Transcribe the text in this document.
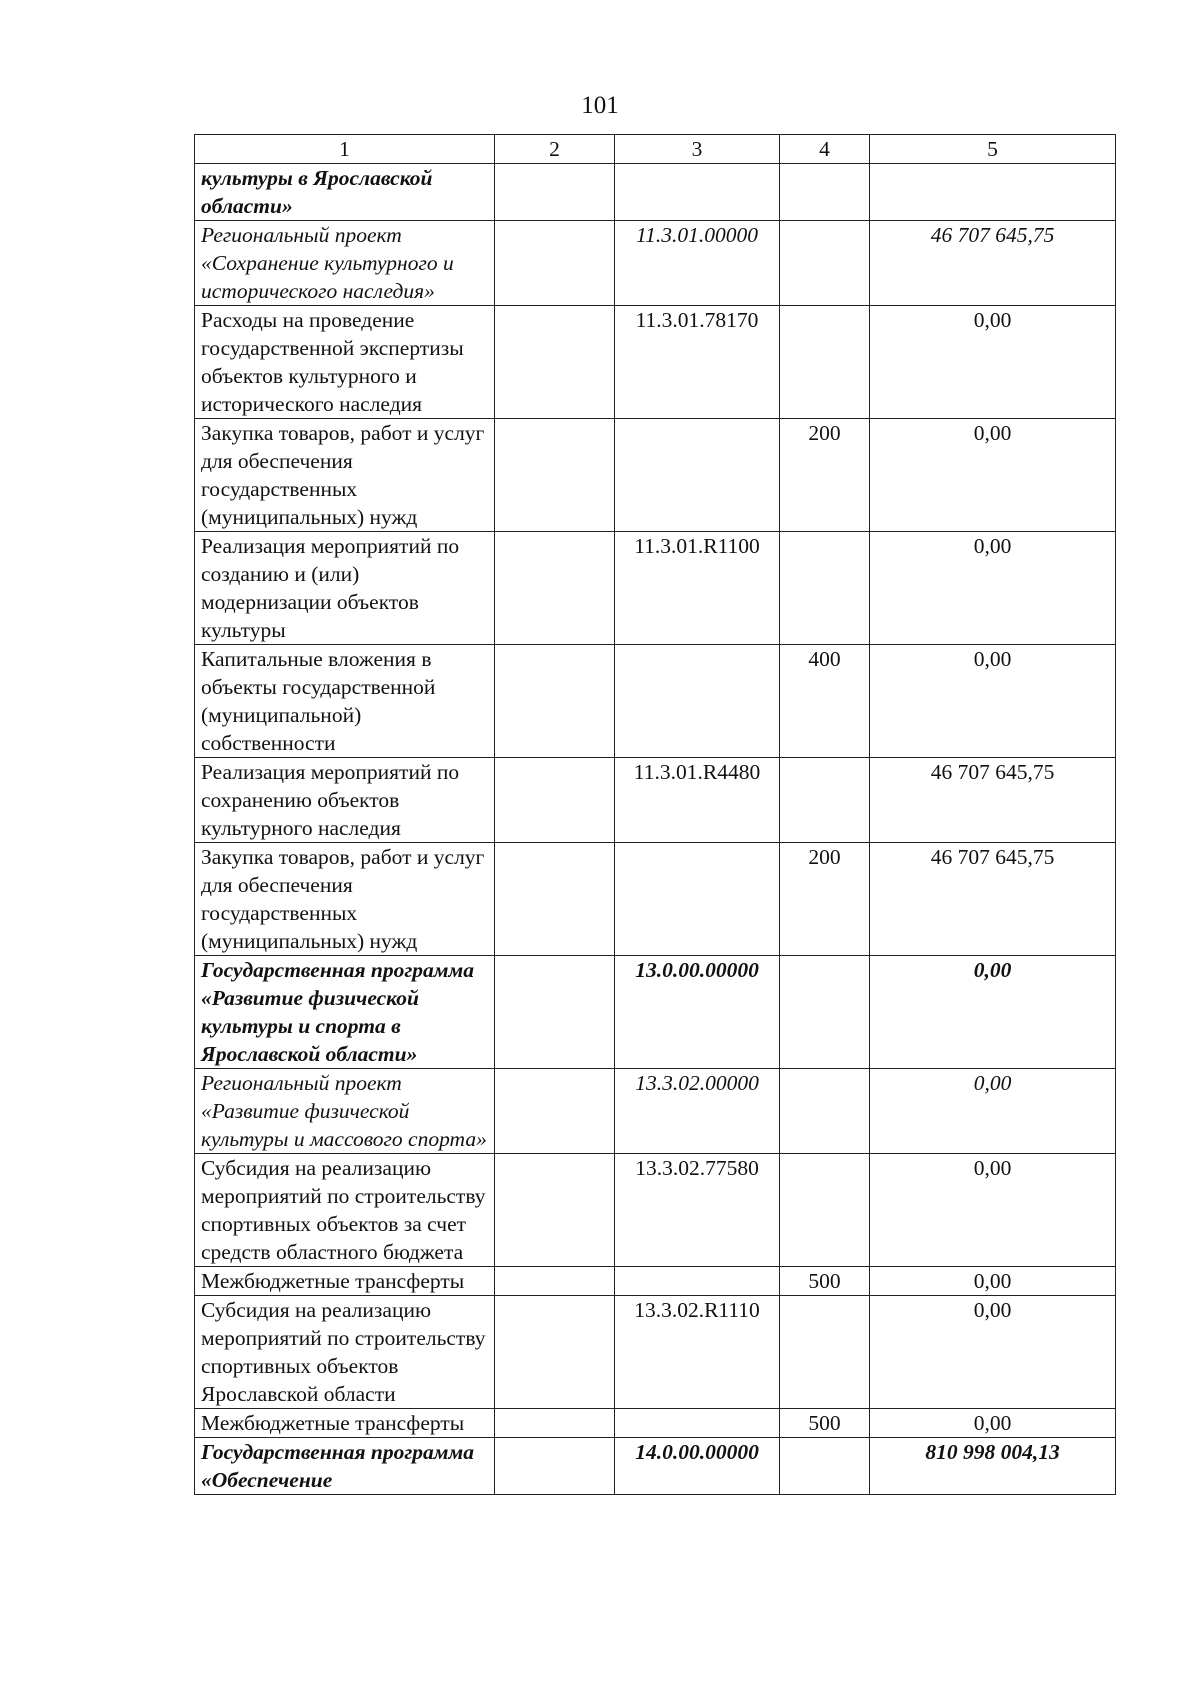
101
1	2	3	4	5
культуры в Ярославской области»				
Региональный проект «Сохранение культурного и исторического наследия»		11.3.01.00000		46 707 645,75
Расходы на проведение государственной экспертизы объектов культурного и исторического наследия		11.3.01.78170		0,00
Закупка товаров, работ и услуг для обеспечения государственных (муниципальных) нужд			200	0,00
Реализация мероприятий по созданию и (или) модернизации объектов культуры		11.3.01.R1100		0,00
Капитальные вложения в объекты государственной (муниципальной) собственности			400	0,00
Реализация мероприятий по сохранению объектов культурного наследия		11.3.01.R4480		46 707 645,75
Закупка товаров, работ и услуг для обеспечения государственных (муниципальных) нужд			200	46 707 645,75
Государственная программа «Развитие физической культуры и спорта в Ярославской области»		13.0.00.00000		0,00
Региональный проект «Развитие физической культуры и массового спорта»		13.3.02.00000		0,00
Субсидия на реализацию мероприятий по строительству спортивных объектов за счет средств областного бюджета		13.3.02.77580		0,00
Межбюджетные трансферты			500	0,00
Субсидия на реализацию мероприятий по строительству спортивных объектов Ярославской области		13.3.02.R1110		0,00
Межбюджетные трансферты			500	0,00
Государственная программа «Обеспечение		14.0.00.00000		810 998 004,13
